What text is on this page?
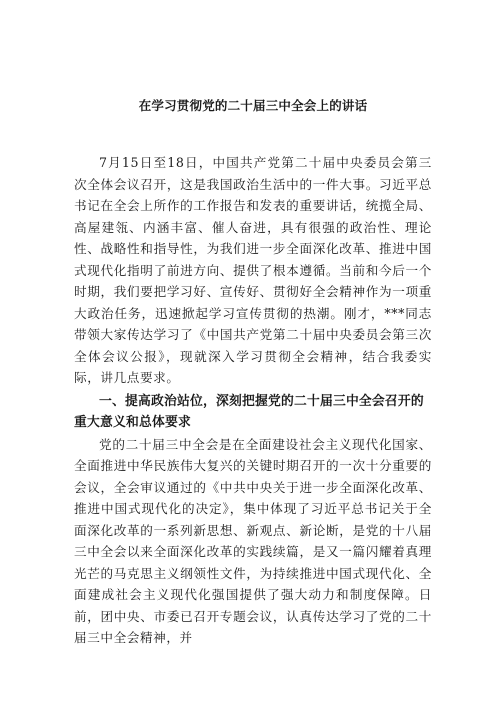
在学习贯彻党的二十届三中全会上的讲话

7月15日至18日，中国共产党第二十届中央委员会第三次全体会议召开，这是我国政治生活中的一件大事。习近平总书记在全会上所作的工作报告和发表的重要讲话，统揽全局、高屋建瓴、内涵丰富、催人奋进，具有很强的政治性、理论性、战略性和指导性，为我们进一步全面深化改革、推进中国式现代化指明了前进方向、提供了根本遵循。当前和今后一个时期，我们要把学习好、宣传好、贯彻好全会精神作为一项重大政治任务，迅速掀起学习宣传贯彻的热潮。刚才，***同志带领大家传达学习了《中国共产党第二十届中央委员会第三次全体会议公报》，现就深入学习贯彻全会精神，结合我委实际，讲几点要求。

一、提高政治站位，深刻把握党的二十届三中全会召开的重大意义和总体要求

党的二十届三中全会是在全面建设社会主义现代化国家、全面推进中华民族伟大复兴的关键时期召开的一次十分重要的会议，全会审议通过的《中共中央关于进一步全面深化改革、推进中国式现代化的决定》，集中体现了习近平总书记关于全面深化改革的一系列新思想、新观点、新论断，是党的十八届三中全会以来全面深化改革的实践续篇，是又一篇闪耀着真理光芒的马克思主义纲领性文件，为持续推进中国式现代化、全面建成社会主义现代化强国提供了强大动力和制度保障。日前，团中央、市委已召开专题会议，认真传达学习了党的二十届三中全会精神，并
